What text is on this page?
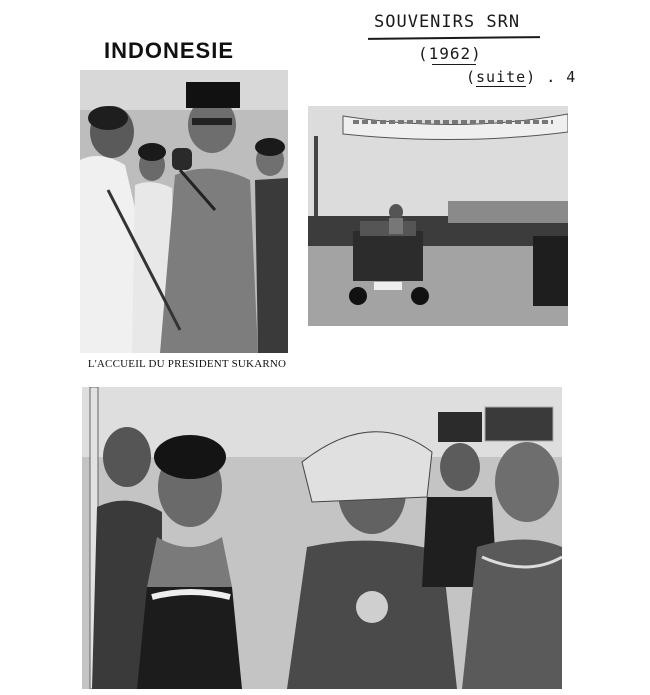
INDONESIE
SOUVENIRS SRN
(1962)
(suite) . 4
L'ACCUEIL DU PRESIDENT SUKARNO
